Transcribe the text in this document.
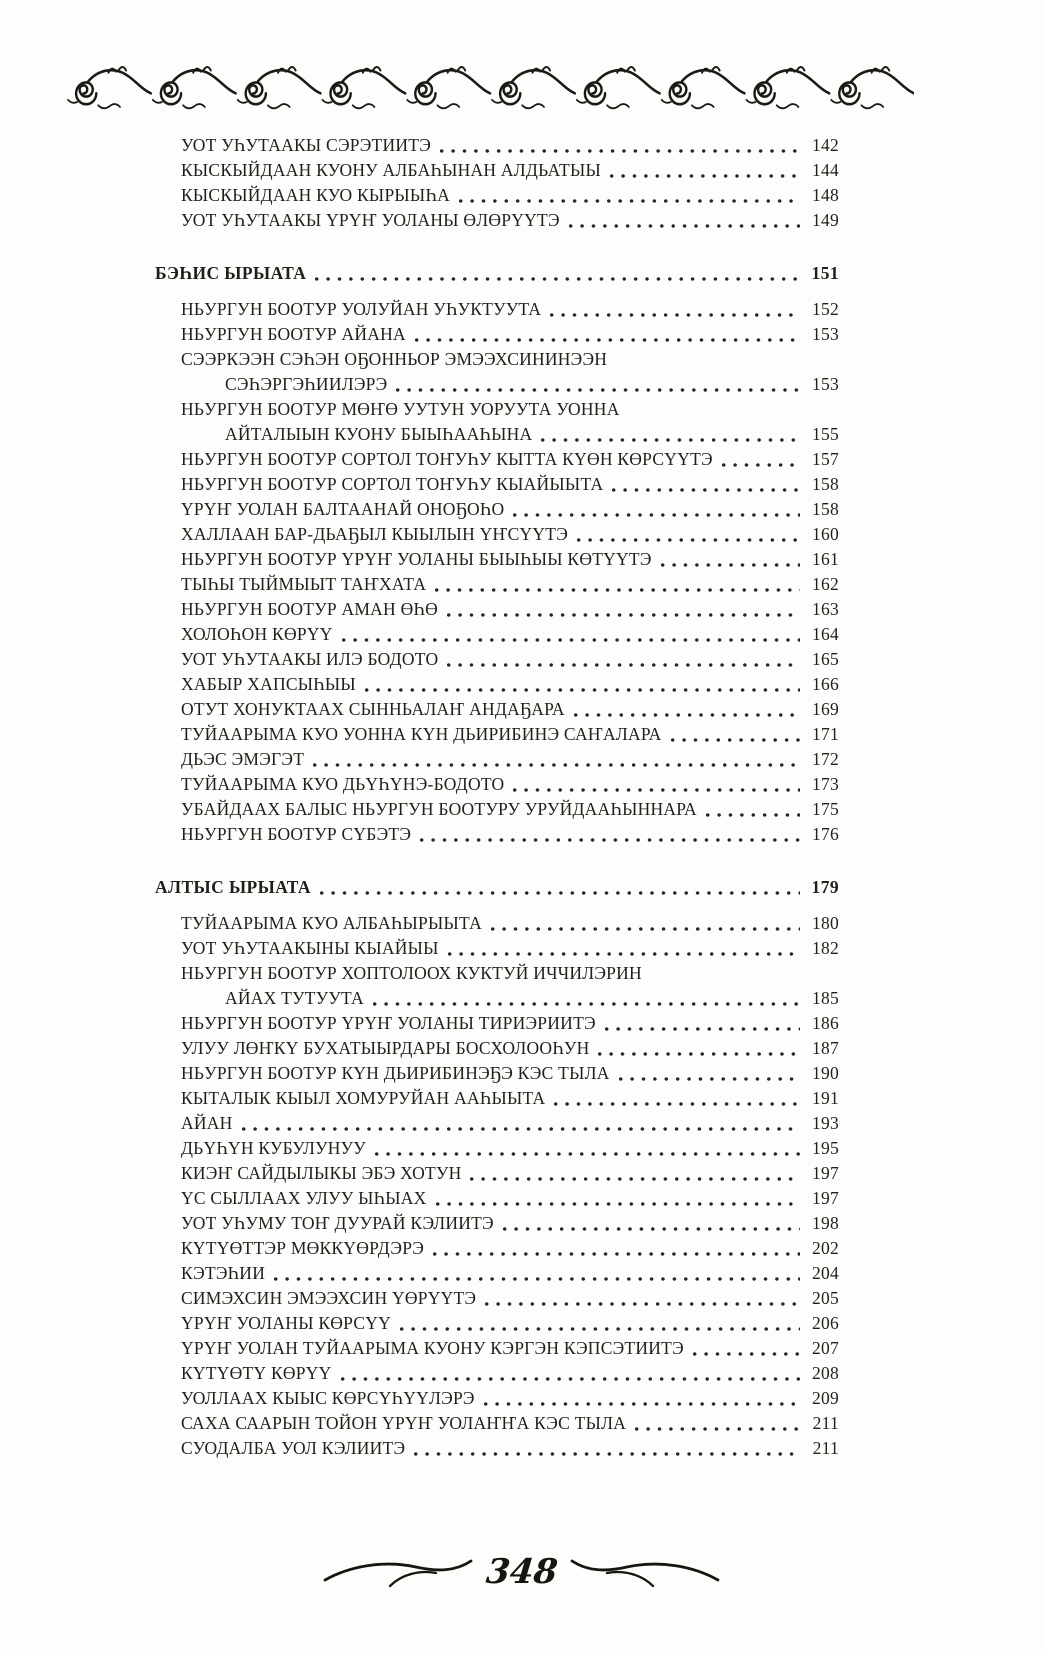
УОТ УҺУТААКЫ СЭРЭТИИТЭ	142
КЫСКЫЙДААН КУОНУ АЛБАҺЫНАН АЛДЬАТЫЫ	144
КЫСКЫЙДААН КУО КЫРЫЫҺА	148
УОТ УҺУТААКЫ ҮРҮҤ УОЛАНЫ ӨЛӨРҮҮТЭ	149
БЭҺИС ЫРЫАТА	151
НЬУРГУН БООТУР УОЛУЙАН УҺУКТУУТА	152
НЬУРГУН БООТУР АЙАНА	153
СЭЭРКЭЭН СЭҺЭН ОҔОННЬОР ЭМЭЭХСИНИНЭЭН
СЭҺЭРГЭҺИИЛЭРЭ	153
НЬУРГУН БООТУР МӨҤӨ УУТУН УОРУУТА УОННА
АЙТАЛЫЫН КУОНУ БЫЫҺААҺЫНА	155
НЬУРГУН БООТУР СОРТОЛ ТОҤУҺУ КЫТТА КҮӨН КӨРСҮҮТЭ	157
НЬУРГУН БООТУР СОРТОЛ ТОҤУҺУ КЫАЙЫЫТА	158
ҮРҮҤ УОЛАН БАЛТААНАЙ ОНОҔОҺО	158
ХАЛЛААН БАР-ДЬАҔЫЛ КЫЫЛЫН ҮҤСҮҮТЭ	160
НЬУРГУН БООТУР ҮРҮҤ УОЛАНЫ БЫЫҺЫЫ КӨТҮҮТЭ	161
ТЫҺЫ ТЫЙМЫЫТ ТАҤХАТА	162
НЬУРГУН БООТУР АМАН ӨҺӨ	163
ХОЛОҺОН КӨРҮҮ	164
УОТ УҺУТААКЫ ИЛЭ БОДОТО	165
ХАБЫР ХАПСЫҺЫЫ	166
ОТУТ ХОНУКТААХ СЫННЬАЛАҤ АНДАҔАРА	169
ТУЙААРЫМА КУО УОННА КҮН ДЬИРИБИНЭ САҤАЛАРА	171
ДЬЭС ЭМЭГЭТ	172
ТУЙААРЫМА КУО ДЬҮҺҮНЭ-БОДОТО	173
УБАЙДААХ БАЛЫС НЬУРГУН БООТУРУ УРУЙДААҺЫННАРА	175
НЬУРГУН БООТУР СҮБЭТЭ	176
АЛТЫС ЫРЫАТА	179
ТУЙААРЫМА КУО АЛБАҺЫРЫЫТА	180
УОТ УҺУТААКЫНЫ КЫАЙЫЫ	182
НЬУРГУН БООТУР ХОПТОЛООХ КУКТУЙ ИЧЧИЛЭРИН
АЙАХ ТУТУУТА	185
НЬУРГУН БООТУР ҮРҮҤ УОЛАНЫ ТИРИЭРИИТЭ	186
УЛУУ ЛӨҤКҮ БУХАТЫЫРДАРЫ БОСХОЛООҺУН	187
НЬУРГУН БООТУР КҮН ДЬИРИБИНЭҔЭ КЭС ТЫЛА	190
КЫТАЛЫК КЫЫЛ ХОМУРУЙАН ААҺЫЫТА	191
АЙАН	193
ДЬҮҺҮН КУБУЛУНУУ	195
КИЭҤ САЙДЫЛЫКЫ ЭБЭ ХОТУН	197
ҮС СЫЛЛААХ УЛУУ ЫҺЫАХ	197
УОТ УҺУМУ ТОҤ ДУУРАЙ КЭЛИИТЭ	198
КҮТҮӨТТЭР МӨККҮӨРДЭРЭ	202
КЭТЭҺИИ	204
СИМЭХСИН ЭМЭЭХСИН ҮӨРҮҮТЭ	205
ҮРҮҤ УОЛАНЫ КӨРСҮҮ	206
ҮРҮҤ УОЛАН ТУЙААРЫМА КУОНУ КЭРГЭН КЭПСЭТИИТЭ	207
КҮТҮӨТҮ КӨРҮҮ	208
УОЛЛААХ КЫЫС КӨРСҮҺҮҮЛЭРЭ	209
САХА СААРЫН ТОЙОН ҮРҮҤ УОЛАҤҤА КЭС ТЫЛА	211
СУОДАЛБА УОЛ КЭЛИИТЭ	211
348
